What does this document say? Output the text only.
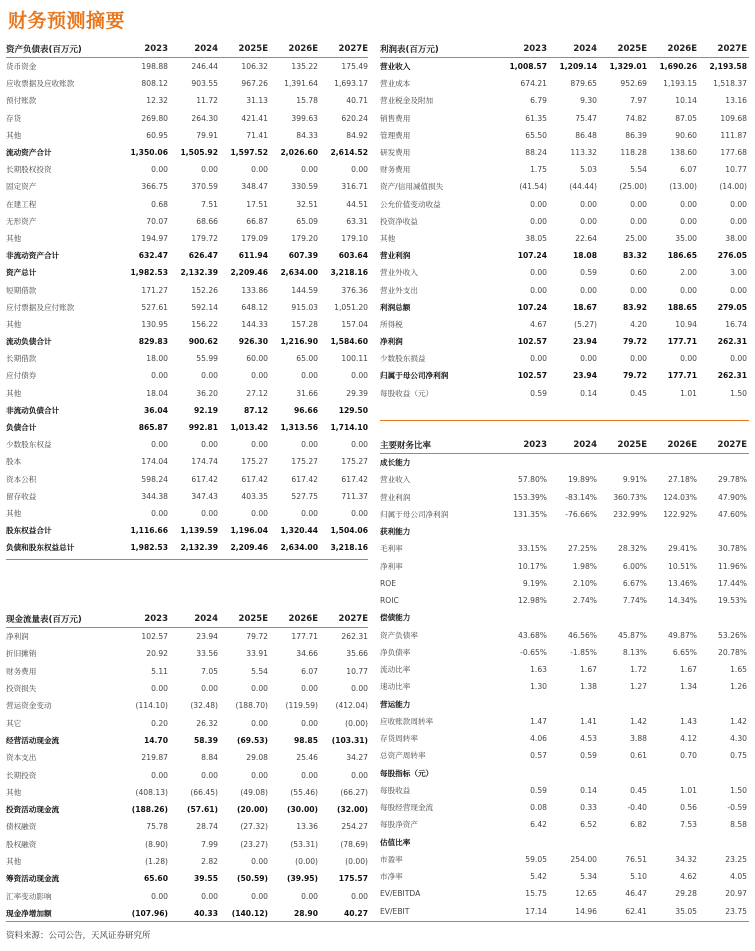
财务预测摘要
资产负债表(百万元)	2023	2024	2025E	2026E	2027E
货币资金	198.88	246.44	106.32	135.22	175.49
应收票据及应收账款	808.12	903.55	967.26	1,391.64	1,693.17
预付账款	12.32	11.72	31.13	15.78	40.71
存货	269.80	264.30	421.41	399.63	620.24
其他	60.95	79.91	71.41	84.33	84.92
流动资产合计	1,350.06	1,505.92	1,597.52	2,026.60	2,614.52
长期股权投资	0.00	0.00	0.00	0.00	0.00
固定资产	366.75	370.59	348.47	330.59	316.71
在建工程	0.68	7.51	17.51	32.51	44.51
无形资产	70.07	68.66	66.87	65.09	63.31
其他	194.97	179.72	179.09	179.20	179.10
非流动资产合计	632.47	626.47	611.94	607.39	603.64
资产总计	1,982.53	2,132.39	2,209.46	2,634.00	3,218.16
短期借款	171.27	152.26	133.86	144.59	376.36
应付票据及应付账款	527.61	592.14	648.12	915.03	1,051.20
其他	130.95	156.22	144.33	157.28	157.04
流动负债合计	829.83	900.62	926.30	1,216.90	1,584.60
长期借款	18.00	55.99	60.00	65.00	100.11
应付债券	0.00	0.00	0.00	0.00	0.00
其他	18.04	36.20	27.12	31.66	29.39
非流动负债合计	36.04	92.19	87.12	96.66	129.50
负债合计	865.87	992.81	1,013.42	1,313.56	1,714.10
少数股东权益	0.00	0.00	0.00	0.00	0.00
股本	174.04	174.74	175.27	175.27	175.27
资本公积	598.24	617.42	617.42	617.42	617.42
留存收益	344.38	347.43	403.35	527.75	711.37
其他	0.00	0.00	0.00	0.00	0.00
股东权益合计	1,116.66	1,139.59	1,196.04	1,320.44	1,504.06
负债和股东权益总计	1,982.53	2,132.39	2,209.46	2,634.00	3,218.16
利润表(百万元)	2023	2024	2025E	2026E	2027E
营业收入	1,008.57	1,209.14	1,329.01	1,690.26	2,193.58
营业成本	674.21	879.65	952.69	1,193.15	1,518.37
营业税金及附加	6.79	9.30	7.97	10.14	13.16
销售费用	61.35	75.47	74.82	87.05	109.68
管理费用	65.50	86.48	86.39	90.60	111.87
研发费用	88.24	113.32	118.28	138.60	177.68
财务费用	1.75	5.03	5.54	6.07	10.77
资产/信用减值损失	(41.54)	(44.44)	(25.00)	(13.00)	(14.00)
公允价值变动收益	0.00	0.00	0.00	0.00	0.00
投资净收益	0.00	0.00	0.00	0.00	0.00
其他	38.05	22.64	25.00	35.00	38.00
营业利润	107.24	18.08	83.32	186.65	276.05
营业外收入	0.00	0.59	0.60	2.00	3.00
营业外支出	0.00	0.00	0.00	0.00	0.00
利润总额	107.24	18.67	83.92	188.65	279.05
所得税	4.67	(5.27)	4.20	10.94	16.74
净利润	102.57	23.94	79.72	177.71	262.31
少数股东损益	0.00	0.00	0.00	0.00	0.00
归属于母公司净利润	102.57	23.94	79.72	177.71	262.31
每股收益（元）	0.59	0.14	0.45	1.01	1.50
主要财务比率	2023	2024	2025E	2026E	2027E
成长能力
营业收入	57.80%	19.89%	9.91%	27.18%	29.78%
营业利润	153.39%	-83.14%	360.73%	124.03%	47.90%
归属于母公司净利润	131.35%	-76.66%	232.99%	122.92%	47.60%
获利能力
毛利率	33.15%	27.25%	28.32%	29.41%	30.78%
净利率	10.17%	1.98%	6.00%	10.51%	11.96%
ROE	9.19%	2.10%	6.67%	13.46%	17.44%
ROIC	12.98%	2.74%	7.74%	14.34%	19.53%
偿债能力
资产负债率	43.68%	46.56%	45.87%	49.87%	53.26%
净负债率	-0.65%	-1.85%	8.13%	6.65%	20.78%
流动比率	1.63	1.67	1.72	1.67	1.65
速动比率	1.30	1.38	1.27	1.34	1.26
营运能力
应收账款周转率	1.47	1.41	1.42	1.43	1.42
存货周转率	4.06	4.53	3.88	4.12	4.30
总资产周转率	0.57	0.59	0.61	0.70	0.75
每股指标（元）
每股收益	0.59	0.14	0.45	1.01	1.50
每股经营现金流	0.08	0.33	-0.40	0.56	-0.59
每股净资产	6.42	6.52	6.82	7.53	8.58
估值比率
市盈率	59.05	254.00	76.51	34.32	23.25
市净率	5.42	5.34	5.10	4.62	4.05
EV/EBITDA	15.75	12.65	46.47	29.28	20.97
EV/EBIT	17.14	14.96	62.41	35.05	23.75
现金流量表(百万元)	2023	2024	2025E	2026E	2027E
净利润	102.57	23.94	79.72	177.71	262.31
折旧摊销	20.92	33.56	33.91	34.66	35.66
财务费用	5.11	7.05	5.54	6.07	10.77
投资损失	0.00	0.00	0.00	0.00	0.00
营运资金变动	(114.10)	(32.48)	(188.70)	(119.59)	(412.04)
其它	0.20	26.32	0.00	0.00	(0.00)
经营活动现金流	14.70	58.39	(69.53)	98.85	(103.31)
资本支出	219.87	8.84	29.08	25.46	34.27
长期投资	0.00	0.00	0.00	0.00	0.00
其他	(408.13)	(66.45)	(49.08)	(55.46)	(66.27)
投资活动现金流	(188.26)	(57.61)	(20.00)	(30.00)	(32.00)
债权融资	75.78	28.74	(27.32)	13.36	254.27
股权融资	(8.90)	7.99	(23.27)	(53.31)	(78.69)
其他	(1.28)	2.82	0.00	(0.00)	(0.00)
筹资活动现金流	65.60	39.55	(50.59)	(39.95)	175.57
汇率变动影响	0.00	0.00	0.00	0.00	0.00
现金净增加额	(107.96)	40.33	(140.12)	28.90	40.27
资料来源：公司公告，天风证券研究所
